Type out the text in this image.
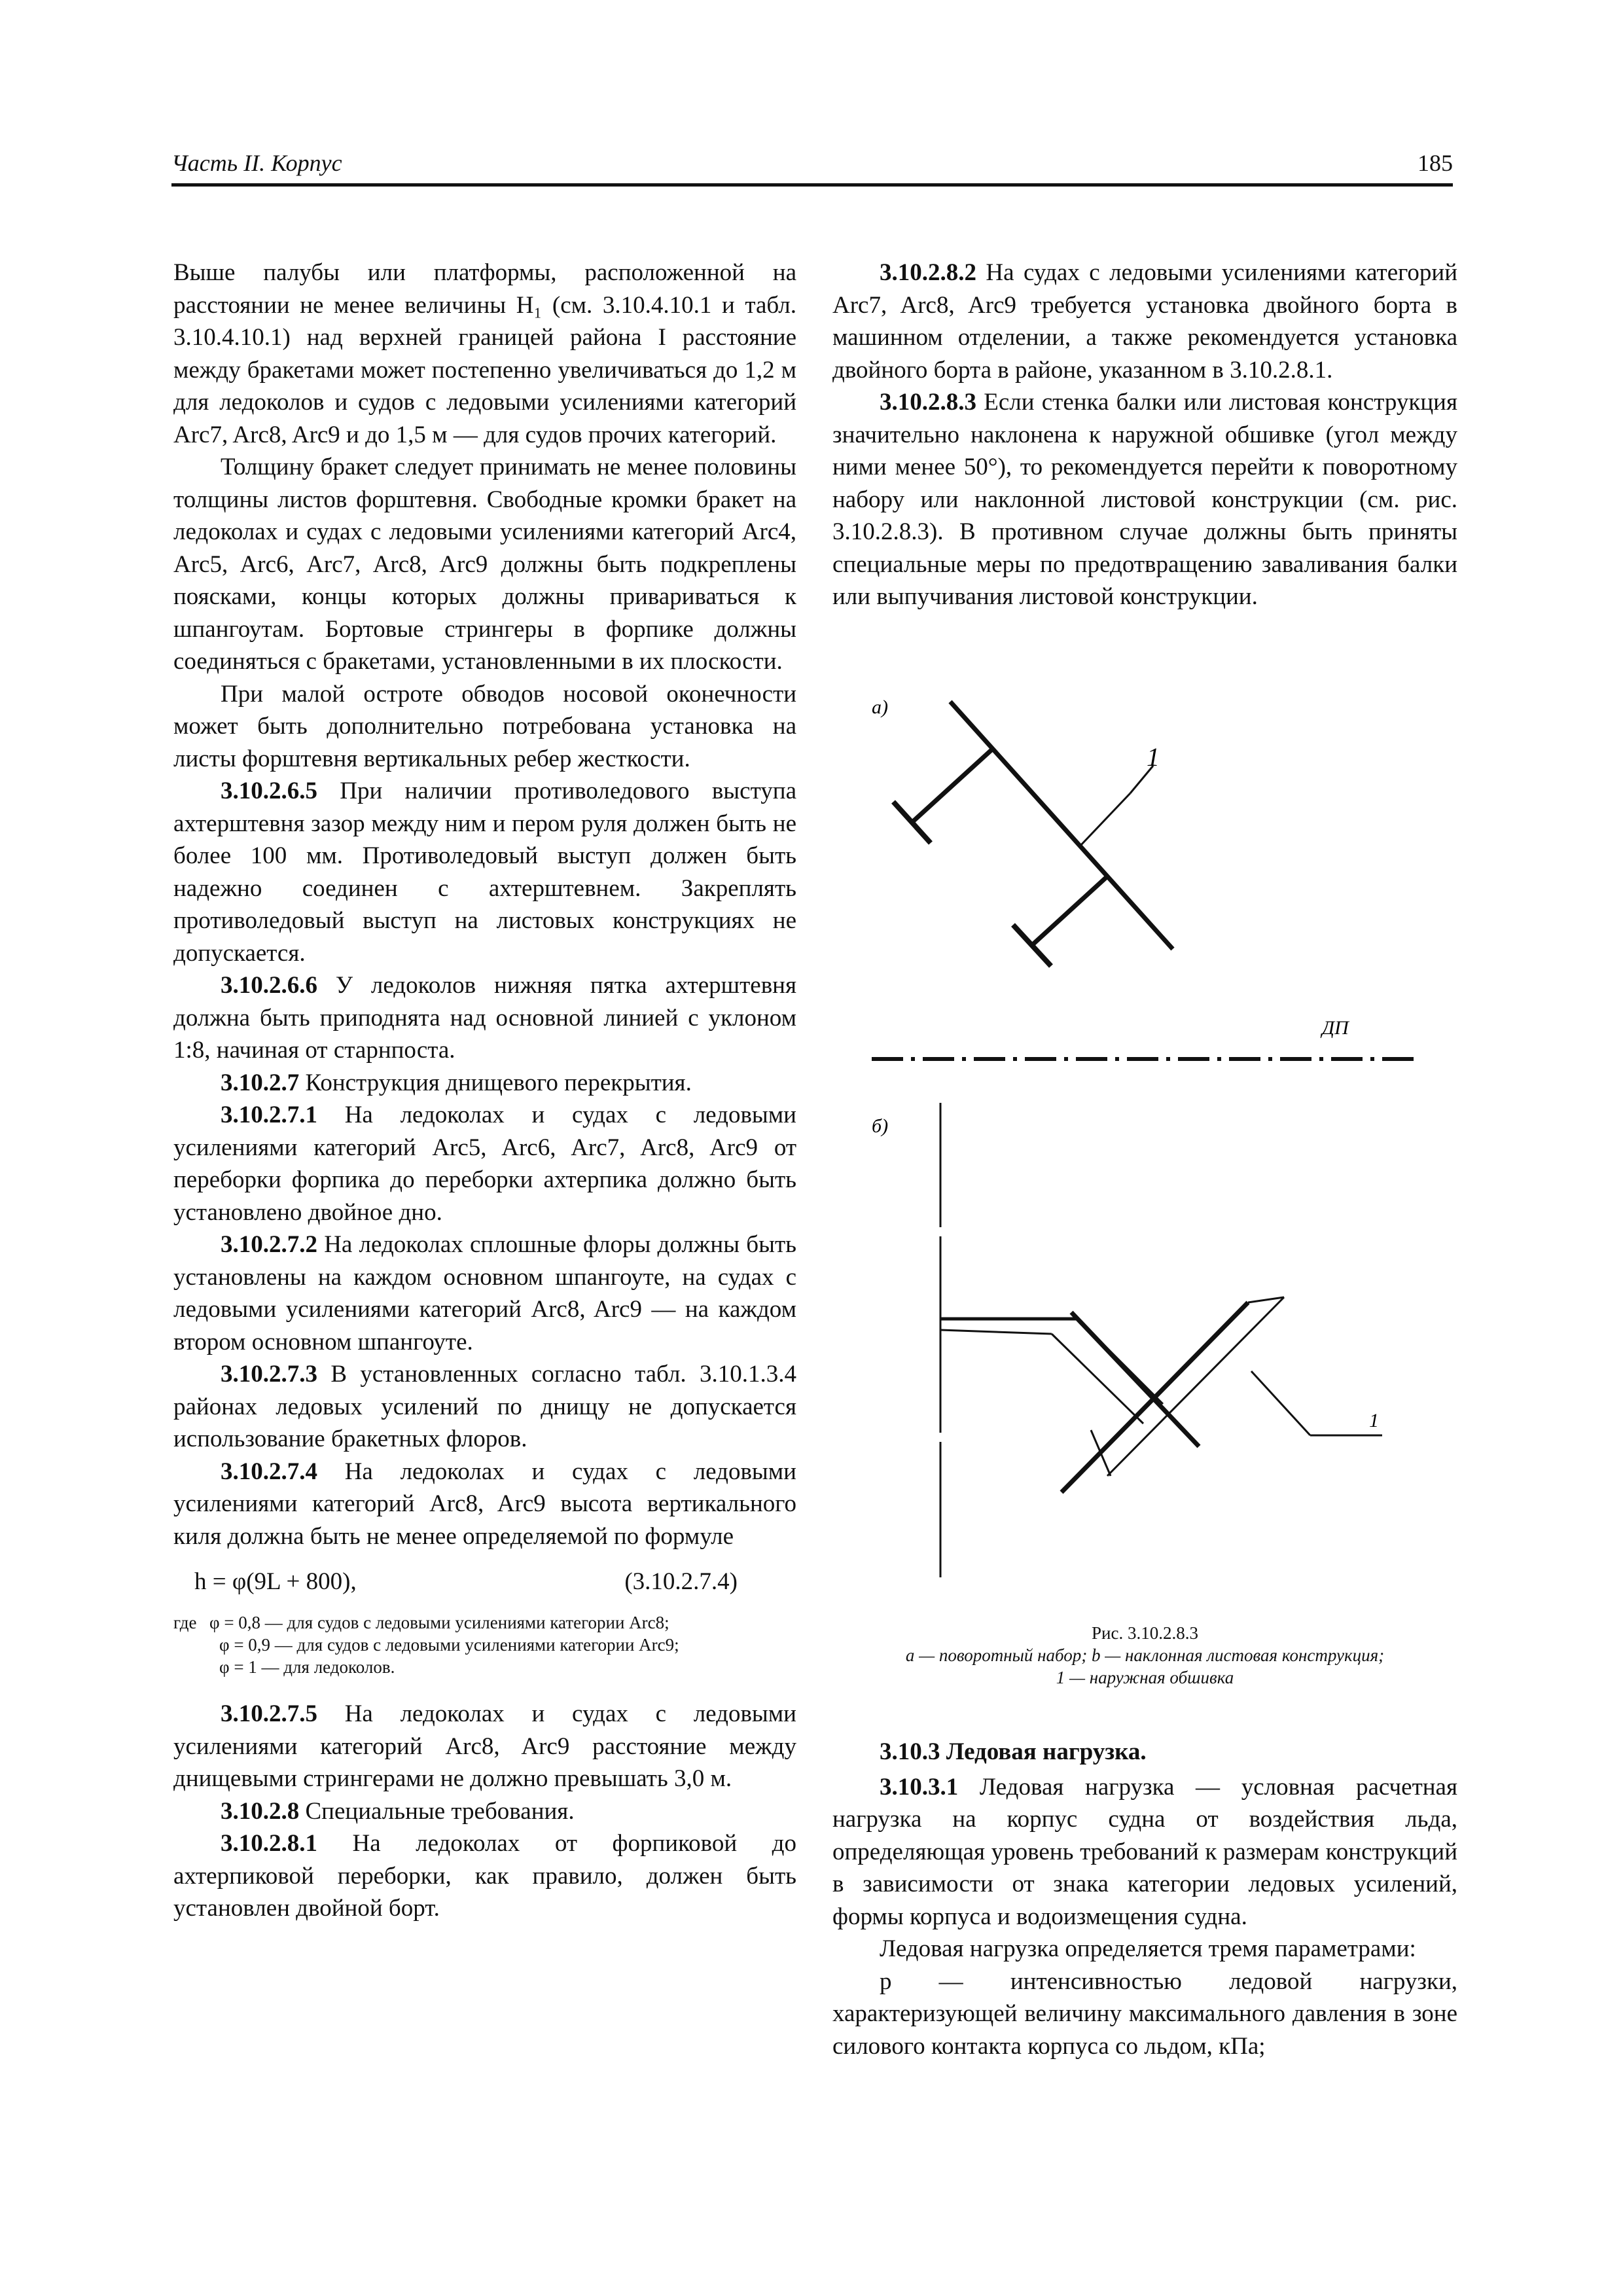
Часть II. Корпус	185

Выше палубы или платформы, расположенной на расстоянии не менее величины H₁ (см. 3.10.4.10.1 и табл. 3.10.4.10.1) над верхней границей района I расстояние между бракетами может постепенно увеличиваться до 1,2 м для ледоколов и судов с ледовыми усилениями категорий Arc7, Arc8, Arc9 и до 1,5 м — для судов прочих категорий.

Толщину бракет следует принимать не менее половины толщины листов форштевня. Свободные кромки бракет на ледоколах и судах с ледовыми усилениями категорий Arc4, Arc5, Arc6, Arc7, Arc8, Arc9 должны быть подкреплены поясками, концы которых должны привариваться к шпангоутам. Бортовые стрингеры в форпике должны соединяться с бракетами, установленными в их плоскости.

При малой остроте обводов носовой оконечности может быть дополнительно потребована установка на листы форштевня вертикальных ребер жесткости.

3.10.2.6.5 При наличии противоледового выступа ахтерштевня зазор между ним и пером руля должен быть не более 100 мм. Противоледовый выступ должен быть надежно соединен с ахтерштевнем. Закреплять противоледовый выступ на листовых конструкциях не допускается.

3.10.2.6.6 У ледоколов нижняя пятка ахтерштевня должна быть приподнята над основной линией с уклоном 1:8, начиная от старнпоста.

3.10.2.7 Конструкция днищевого перекрытия.

3.10.2.7.1 На ледоколах и судах с ледовыми усилениями категорий Arc5, Arc6, Arc7, Arc8, Arc9 от переборки форпика до переборки ахтерпика должно быть установлено двойное дно.

3.10.2.7.2 На ледоколах сплошные флоры должны быть установлены на каждом основном шпангоуте, на судах с ледовыми усилениями категорий Arc8, Arc9 — на каждом втором основном шпангоуте.

3.10.2.7.3 В установленных согласно табл. 3.10.1.3.4 районах ледовых усилений по днищу не допускается использование бракетных флоров.

3.10.2.7.4 На ледоколах и судах с ледовыми усилениями категорий Arc8, Arc9 высота вертикального киля должна быть не менее определяемой по формуле

h = φ(9L + 800),	(3.10.2.7.4)
где φ = 0,8 — для судов с ледовыми усилениями категории Arc8;
φ = 0,9 — для судов с ледовыми усилениями категории Arc9;
φ = 1 — для ледоколов.

3.10.2.7.5 На ледоколах и судах с ледовыми усилениями категорий Arc8, Arc9 расстояние между днищевыми стрингерами не должно превышать 3,0 м.

3.10.2.8 Специальные требования.

3.10.2.8.1 На ледоколах от форпиковой до ахтерпиковой переборки, как правило, должен быть установлен двойной борт.

3.10.2.8.2 На судах с ледовыми усилениями категорий Arc7, Arc8, Arc9 требуется установка двойного борта в машинном отделении, а также рекомендуется установка двойного борта в районе, указанном в 3.10.2.8.1.

3.10.2.8.3 Если стенка балки или листовая конструкция значительно наклонена к наружной обшивке (угол между ними менее 50°), то рекомендуется перейти к поворотному набору или наклонной листовой конструкции (см. рис. 3.10.2.8.3). В противном случае должны быть приняты специальные меры по предотвращению заваливания балки или выпучивания листовой конструкции.

а)
1
ДП
б)
1
Рис. 3.10.2.8.3
а — поворотный набор; b — наклонная листовая конструкция;
1 — наружная обшивка
3.10.3 Ледовая нагрузка.

3.10.3.1 Ледовая нагрузка — условная расчетная нагрузка на корпус судна от воздействия льда, определяющая уровень требований к размерам конструкций в зависимости от знака категории ледовых усилений, формы корпуса и водоизмещения судна.

Ледовая нагрузка определяется тремя параметрами:

p — интенсивностью ледовой нагрузки, характеризующей величину максимального давления в зоне силового контакта корпуса со льдом, кПа;
